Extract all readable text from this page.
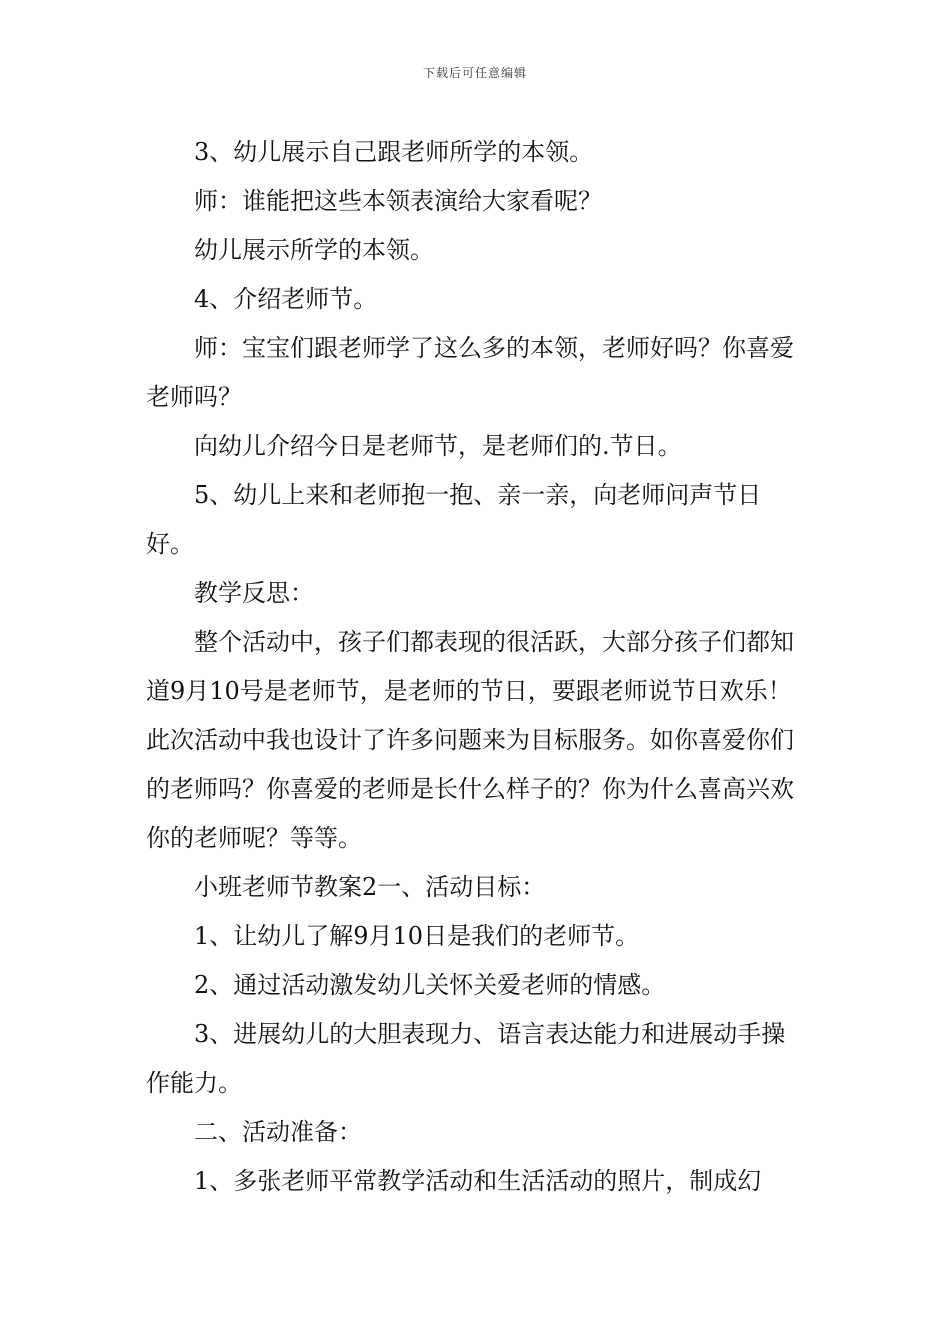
下载后可任意编辑

3、幼儿展示自己跟老师所学的本领。

师：谁能把这些本领表演给大家看呢？

幼儿展示所学的本领。

4、介绍老师节。

师：宝宝们跟老师学了这么多的本领，老师好吗？你喜爱老师吗？

向幼儿介绍今日是老师节，是老师们的.节日。

5、幼儿上来和老师抱一抱、亲一亲，向老师问声节日好。

教学反思：

整个活动中，孩子们都表现的很活跃，大部分孩子们都知道9月10号是老师节，是老师的节日，要跟老师说节日欢乐！此次活动中我也设计了许多问题来为目标服务。如你喜爱你们的老师吗？你喜爱的老师是长什么样子的？你为什么喜高兴欢你的老师呢？等等。

小班老师节教案2一、活动目标：

1、让幼儿了解9月10日是我们的老师节。

2、通过活动激发幼儿关怀关爱老师的情感。

3、进展幼儿的大胆表现力、语言表达能力和进展动手操作能力。

二、活动准备：

1、多张老师平常教学活动和生活活动的照片，制成幻
